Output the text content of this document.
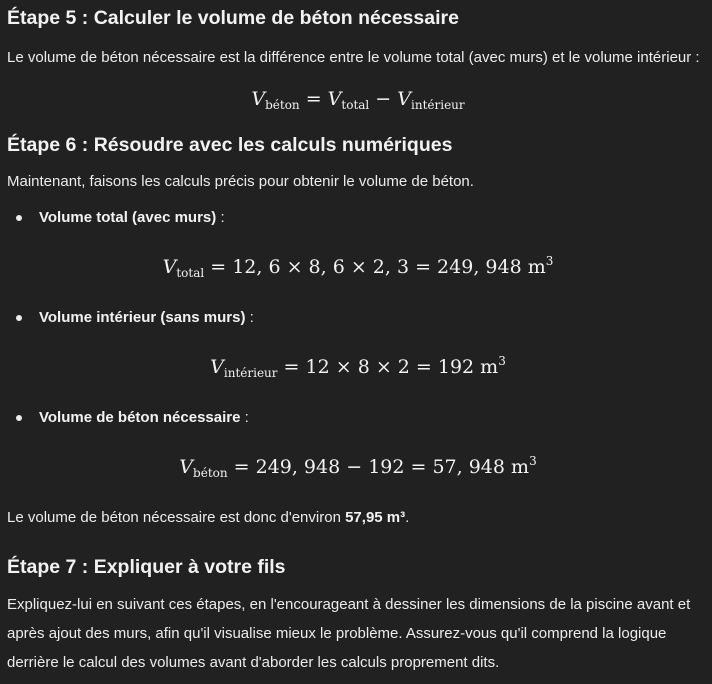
Étape 5 : Calculer le volume de béton nécessaire

Le volume de béton nécessaire est la différence entre le volume total (avec murs) et le volume intérieur :

$V_{béton} = V_{total} - V_{intérieur}$
Étape 6 : Résoudre avec les calculs numériques

Maintenant, faisons les calculs précis pour obtenir le volume de béton.

Volume total (avec murs) :

$V_{total} = 12$, 6 × 8, 6 × 2, 3 = 249, 948 $m^3$

Volume intérieur (sans murs) :

$V_{intérieur} = 12 \times 8 \times 2 = 192$ $m^3$

Volume de béton nécessaire :

$V_{béton} = 249$, 948 − 192 = 57, 948 $m^3$

Le volume de béton nécessaire est donc d'environ 57,95 m³.

Étape 7 : Expliquer à votre fils

Expliquez-lui en suivant ces étapes, en l'encourageant à dessiner les dimensions de la piscine avant et après ajout des murs, afin qu'il visualise mieux le problème. Assurez-vous qu'il comprend la logique derrière le calcul des volumes avant d'aborder les calculs proprement dits.
